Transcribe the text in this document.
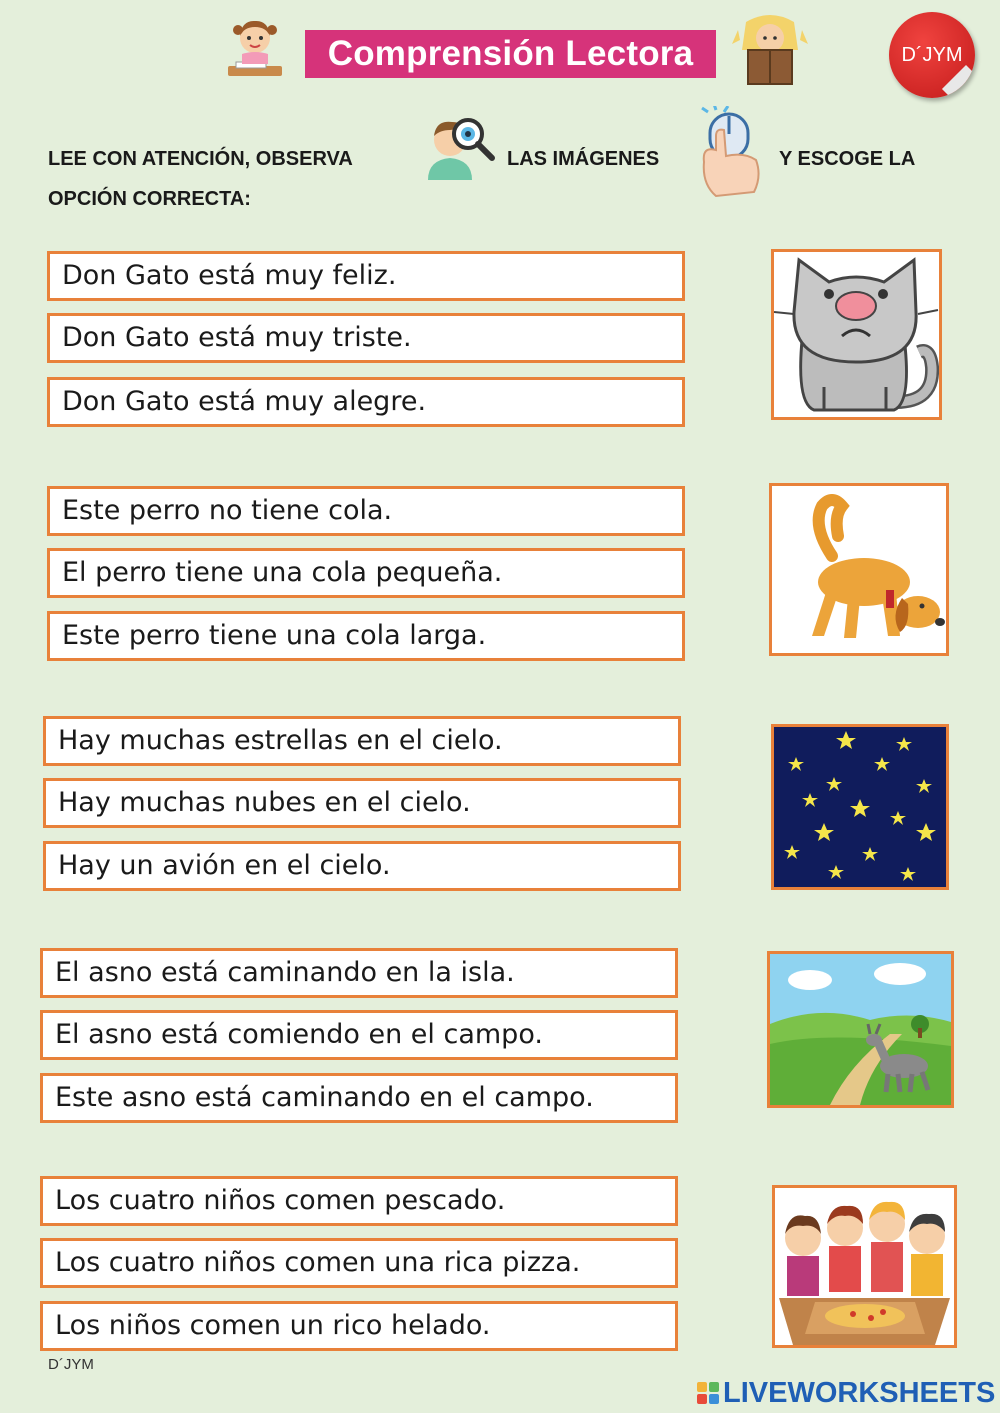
Comprensión Lectora	D´JYM
LEE CON ATENCIÓN, OBSERVA	LAS IMÁGENES	Y ESCOGE LA
OPCIÓN CORRECTA:
Don Gato está muy feliz.
Don Gato está muy triste.
Don Gato está muy alegre.
Este perro no tiene cola.
El perro tiene una cola pequeña.
Este perro tiene una cola larga.
Hay muchas estrellas en el cielo.
Hay muchas nubes en el cielo.
Hay un avión en el cielo.
El asno está caminando en la isla.
El asno está comiendo en el campo.
Este asno está caminando en el campo.
Los cuatro niños comen pescado.
Los cuatro niños comen una rica pizza.
Los niños comen un rico helado.
D´JYM
LIVEWORKSHEETS
